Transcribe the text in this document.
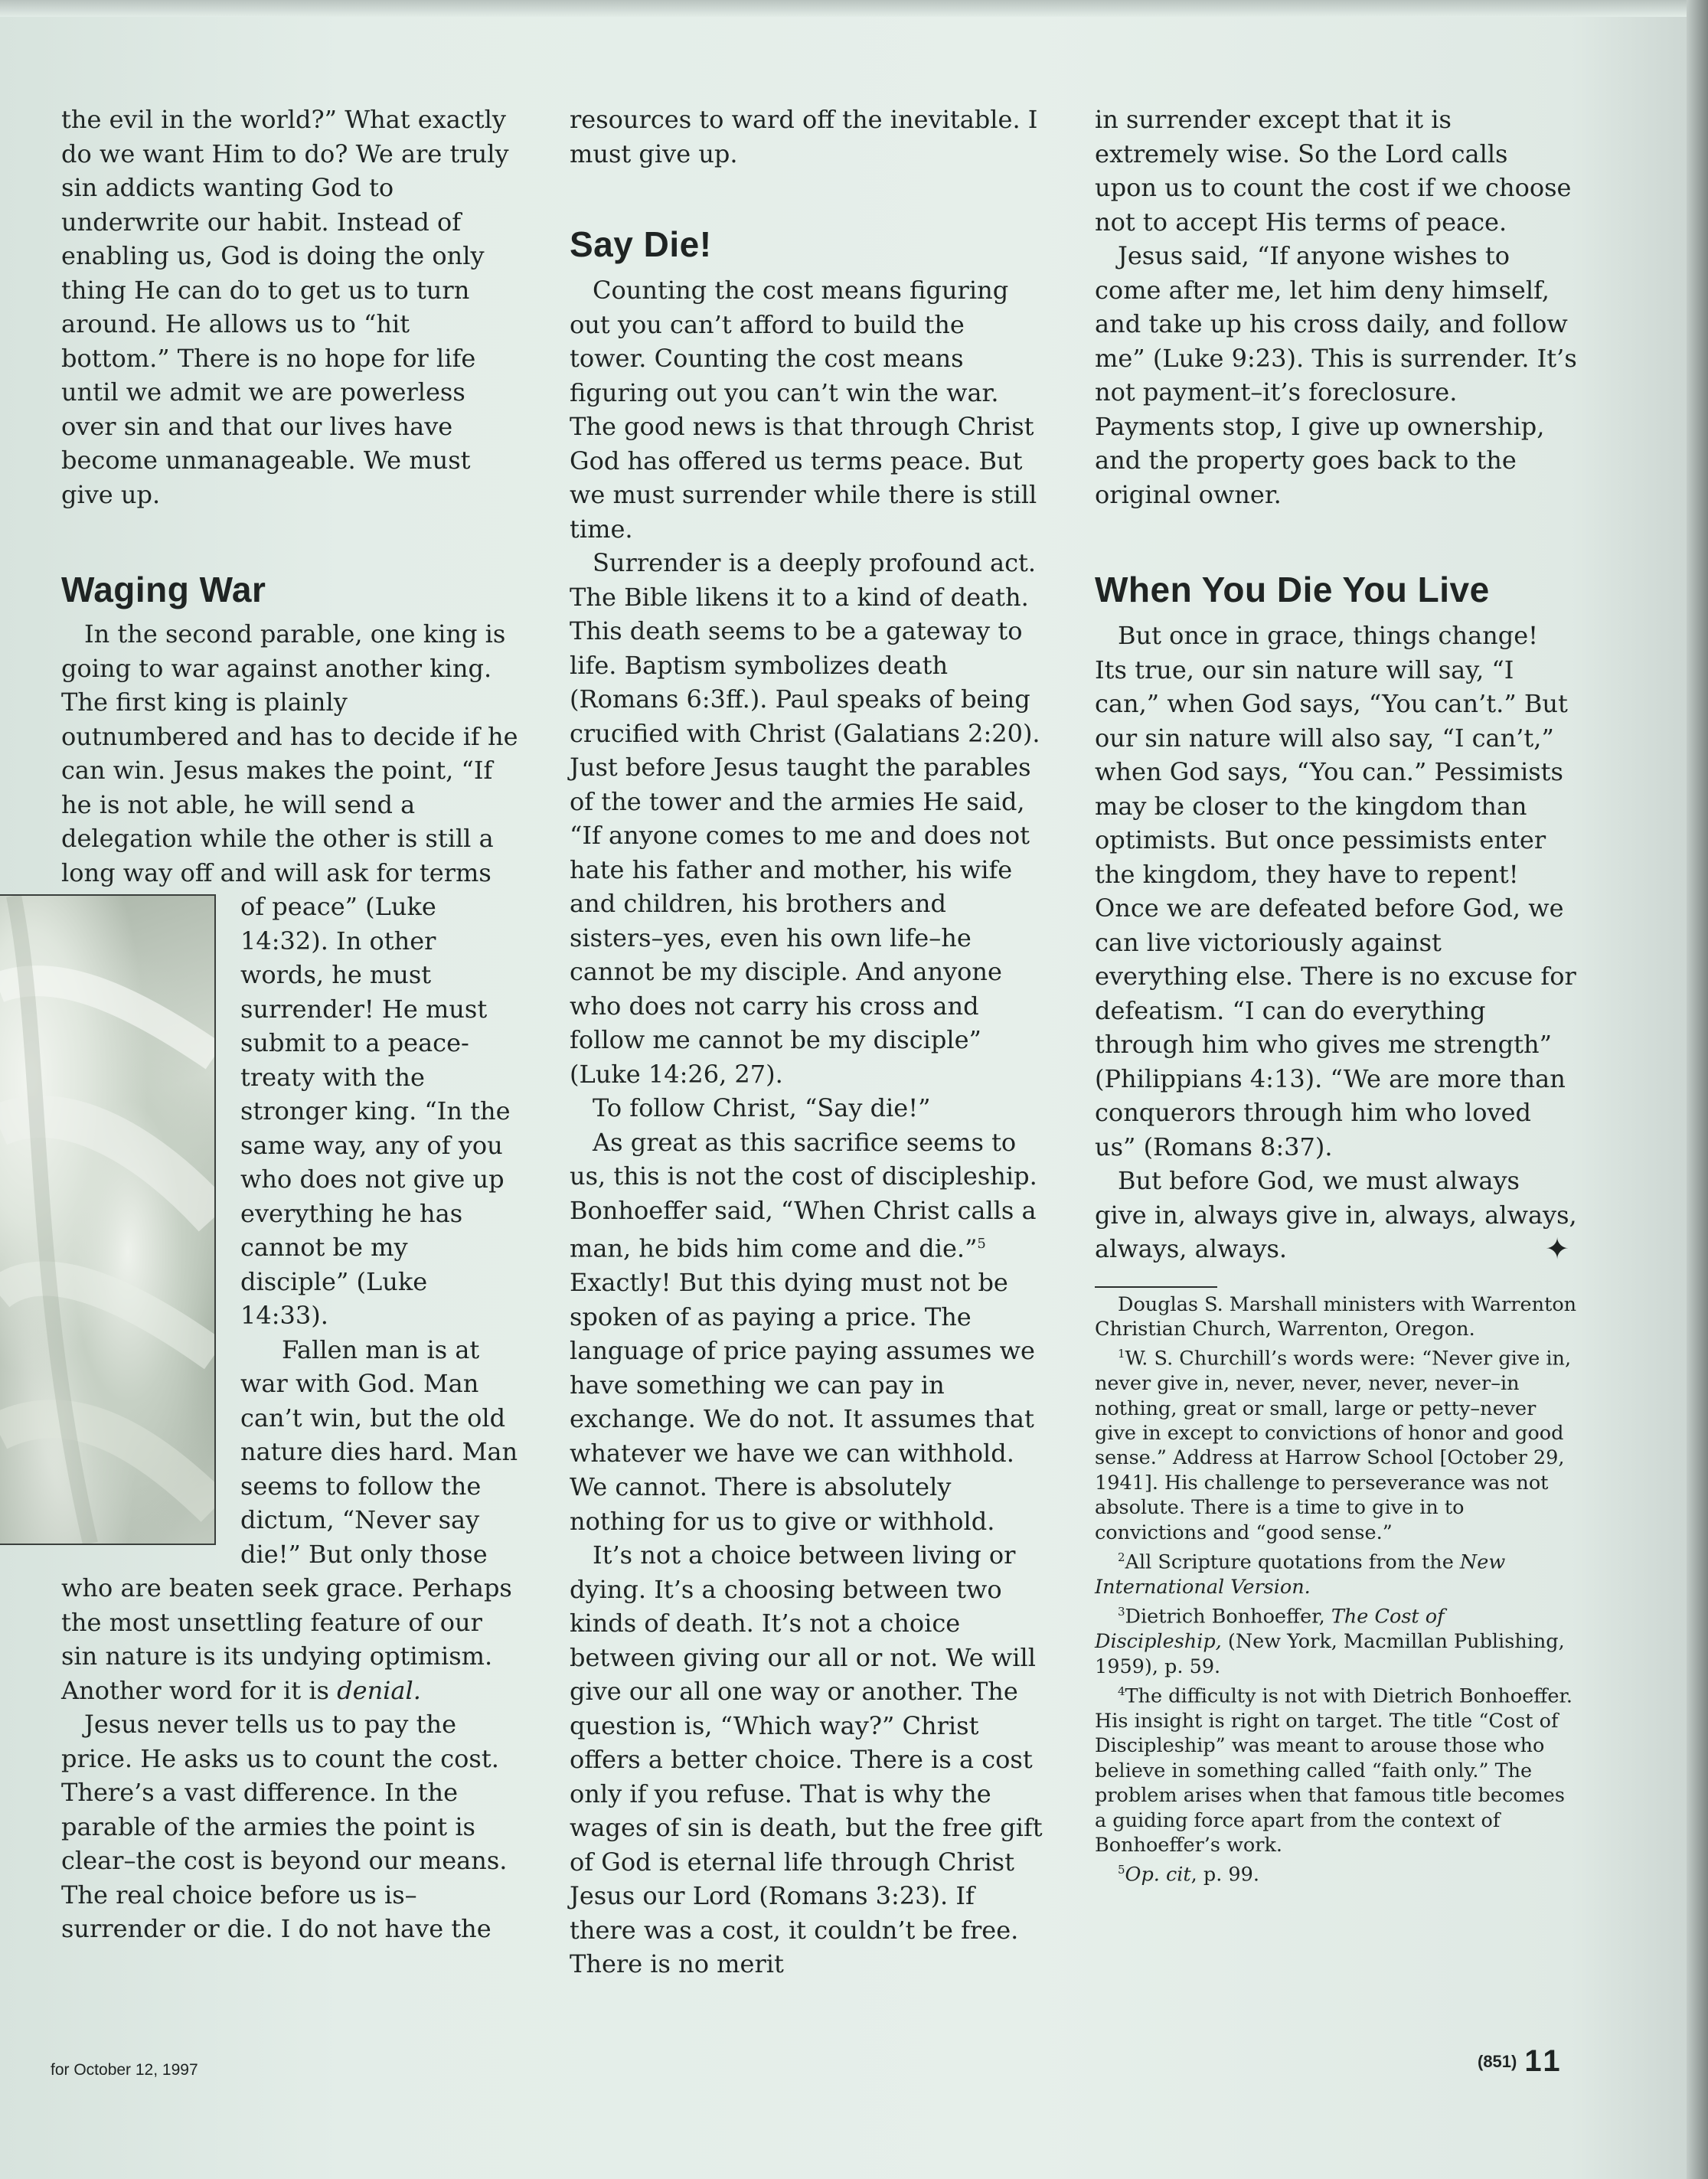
the evil in the world?” What exactly do we want Him to do? We are truly sin addicts wanting God to underwrite our habit. Instead of enabling us, God is doing the only thing He can do to get us to turn around. He allows us to “hit bottom.” There is no hope for life until we admit we are powerless over sin and that our lives have become unmanageable. We must give up.

Waging War

In the second parable, one king is going to war against another king. The first king is plainly outnumbered and has to decide if he can win. Jesus makes the point, “If he is not able, he will send a delegation while the other is still a long way off and will ask for terms

of peace” (Luke 14:32). In other words, he must surrender! He must submit to a peace-treaty with the stronger king. “In the same way, any of you who does not give up everything he has cannot be my disciple” (Luke 14:33).

Fallen man is at war with God. Man can’t win, but the old nature dies hard. Man seems to follow the dictum, “Never say die!” But only those who are beaten seek grace. Perhaps the most unsettling feature of our sin nature is its undying optimism. Another word for it is denial.

Jesus never tells us to pay the price. He asks us to count the cost. There’s a vast difference. In the parable of the armies the point is clear–the cost is beyond our means. The real choice before us is–surrender or die. I do not have the

resources to ward off the inevitable. I must give up.

Say Die!

Counting the cost means figuring out you can’t afford to build the tower. Counting the cost means figuring out you can’t win the war. The good news is that through Christ God has offered us terms peace. But we must surrender while there is still time.

Surrender is a deeply profound act. The Bible likens it to a kind of death. This death seems to be a gateway to life. Baptism symbolizes death (Romans 6:3ff.). Paul speaks of being crucified with Christ (Galatians 2:20). Just before Jesus taught the parables of the tower and the armies He said, “If anyone comes to me and does not hate his father and mother, his wife and children, his brothers and sisters–yes, even his own life–he cannot be my disciple. And anyone who does not carry his cross and follow me cannot be my disciple” (Luke 14:26, 27).

To follow Christ, “Say die!”

As great as this sacrifice seems to us, this is not the cost of discipleship. Bonhoeffer said, “When Christ calls a man, he bids him come and die.”$^5$ Exactly! But this dying must not be spoken of as paying a price. The language of price paying assumes we have something we can pay in exchange. We do not. It assumes that whatever we have we can withhold. We cannot. There is absolutely nothing for us to give or withhold.

It’s not a choice between living or dying. It’s a choosing between two kinds of death. It’s not a choice between giving our all or not. We will give our all one way or another. The question is, “Which way?” Christ offers a better choice. There is a cost only if you refuse. That is why the wages of sin is death, but the free gift of God is eternal life through Christ Jesus our Lord (Romans 3:23). If there was a cost, it couldn’t be free. There is no merit

in surrender except that it is extremely wise. So the Lord calls upon us to count the cost if we choose not to accept His terms of peace.

Jesus said, “If anyone wishes to come after me, let him deny himself, and take up his cross daily, and follow me” (Luke 9:23). This is surrender. It’s not payment–it’s foreclosure. Payments stop, I give up ownership, and the property goes back to the original owner.

When You Die You Live

But once in grace, things change! Its true, our sin nature will say, “I can,” when God says, “You can’t.” But our sin nature will also say, “I can’t,” when God says, “You can.” Pessimists may be closer to the kingdom than optimists. But once pessimists enter the kingdom, they have to repent! Once we are defeated before God, we can live victoriously against everything else. There is no excuse for defeatism. “I can do everything through him who gives me strength” (Philippians 4:13). “We are more than conquerors through him who loved us” (Romans 8:37).

But before God, we must always give in, always give in, always, always, always, always.	✦

Douglas S. Marshall ministers with Warrenton Christian Church, Warrenton, Oregon.

$^1$W. S. Churchill’s words were: “Never give in, never give in, never, never, never, never–in nothing, great or small, large or petty–never give in except to convictions of honor and good sense.” Address at Harrow School [October 29, 1941]. His challenge to perseverance was not absolute. There is a time to give in to convictions and “good sense.”

$^2$All Scripture quotations from the New International Version.

$^3$Dietrich Bonhoeffer, The Cost of Discipleship, (New York, Macmillan Publishing, 1959), p. 59.

$^4$The difficulty is not with Dietrich Bonhoeffer. His insight is right on target. The title “Cost of Discipleship” was meant to arouse those who believe in something called “faith only.” The problem arises when that famous title becomes a guiding force apart from the context of Bonhoeffer’s work.

$^5$Op. cit, p. 99.

for October 12, 1997	(851) 11
